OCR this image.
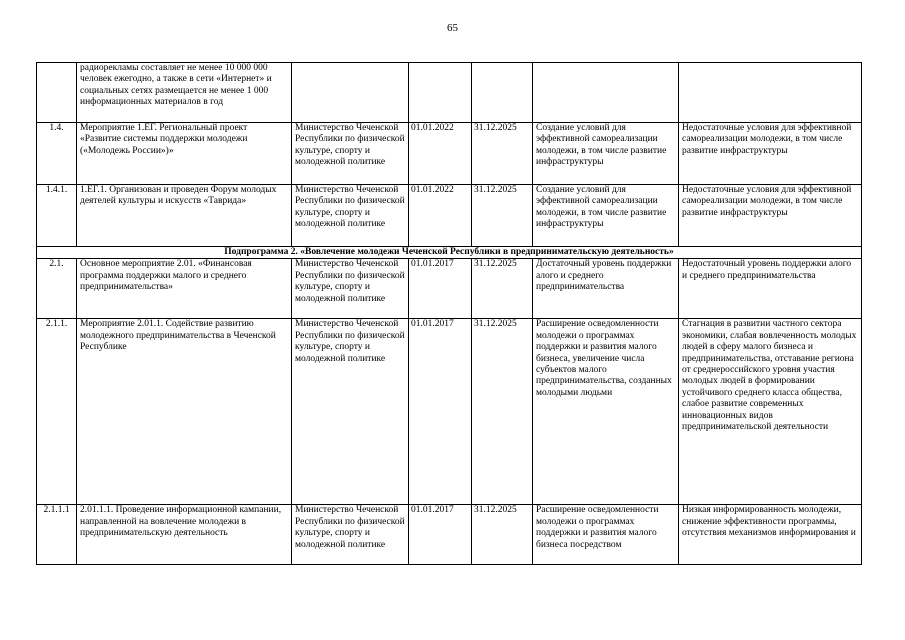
65
	радиорекламы составляет не менее 10 000 000 человек ежегодно, а также в сети «Интернет» и социальных сетях размещается не менее 1 000 информационных материалов в год					
1.4.	Мероприятие 1.ЕГ. Региональный проект «Развитие системы поддержки молодежи («Молодежь России»)»	Министерство Чеченской Республики по физической культуре, спорту и молодежной политике	01.01.2022	31.12.2025	Создание условий для эффективной самореализации молодежи, в том числе развитие инфраструктуры	Недостаточные условия для эффективной самореализации молодежи, в том числе развитие инфраструктуры
1.4.1.	1.ЕГ.1. Организован и проведен Форум молодых деятелей культуры и искусств «Таврида»	Министерство Чеченской Республики по физической культуре, спорту и молодежной политике	01.01.2022	31.12.2025	Создание условий для эффективной самореализации молодежи, в том числе развитие инфраструктуры	Недостаточные условия для эффективной самореализации молодежи, в том числе развитие инфраструктуры
Подпрограмма 2. «Вовлечение молодежи Чеченской Республики в предпринимательскую деятельность»						
2.1.	Основное мероприятие 2.01. «Финансовая программа поддержки малого и среднего предпринимательства»	Министерство Чеченской Республики по физической культуре, спорту и молодежной политике	01.01.2017	31.12.2025	Достаточный уровень поддержки алого и среднего предпринимательства	Недостаточный уровень поддержки алого и среднего предпринимательства
2.1.1.	Мероприятие 2.01.1. Содействие развитию молодежного предпринимательства в Чеченской Республике	Министерство Чеченской Республики по физической культуре, спорту и молодежной политике	01.01.2017	31.12.2025	Расширение осведомленности молодежи о программах поддержки и развития малого бизнеса, увеличение числа субъектов малого предпринимательства, созданных молодыми людьми	Стагнация в развитии частного сектора экономики, слабая вовлеченность молодых людей в сферу малого бизнеса и предпринимательства, отставание региона от среднероссийского уровня участия молодых людей в формировании устойчивого среднего класса общества, слабое развитие современных инновационных видов предпринимательской деятельности
2.1.1.1	2.01.1.1. Проведение информационной кампании, направленной на вовлечение молодежи в предпринимательскую деятельность	Министерство Чеченской Республики по физической культуре, спорту и молодежной политике	01.01.2017	31.12.2025	Расширение осведомленности молодежи о программах поддержки и развития малого бизнеса посредством	Низкая информированность молодежи, снижение эффективности программы, отсутствия механизмов информирования и
